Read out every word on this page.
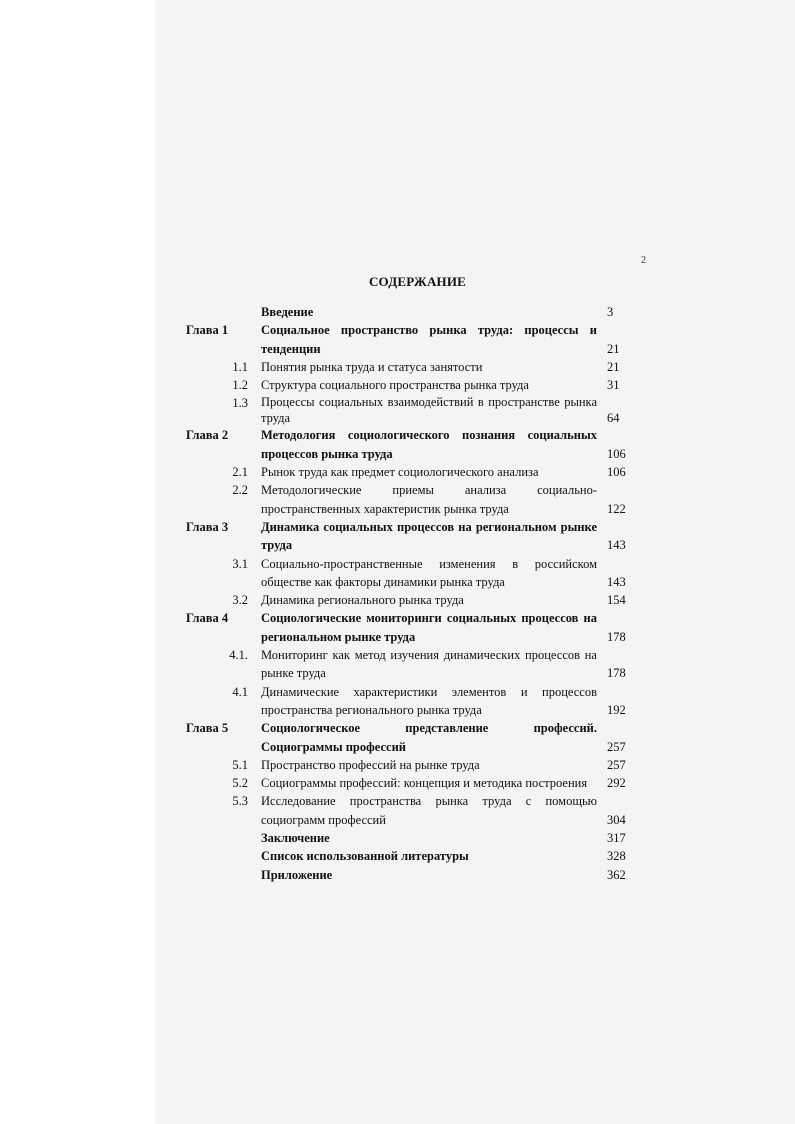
2
СОДЕРЖАНИЕ
Введение	3
Глава 1	Социальное пространство рынка труда: процессы и тенденции	21
1.1 Понятия рынка труда и статуса занятости	21
1.2 Структура социального пространства рынка труда	31
1.3 Процессы социальных взаимодействий в пространстве рынка труда	64
Глава 2	Методология социологического познания социальных процессов рынка труда	106
2.1 Рынок труда как предмет социологического анализа	106
2.2 Методологические приемы анализа социально-пространственных характеристик рынка труда	122
Глава 3	Динамика социальных процессов на региональном рынке труда	143
3.1 Социально-пространственные изменения в российском обществе как факторы динамики рынка труда	143
3.2 Динамика регионального рынка труда	154
Глава 4	Социологические мониторинги социальных процессов на региональном рынке труда	178
4.1. Мониторинг как метод изучения динамических процессов на рынке труда	178
4.1 Динамические характеристики элементов и процессов пространства регионального рынка труда	192
Глава 5	Социологическое представление профессий. Социограммы профессий	257
5.1 Пространство профессий на рынке труда	257
5.2 Социограммы профессий: концепция и методика построения	292
5.3 Исследование пространства рынка труда с помощью социограмм профессий	304
Заключение	317
Список использованной литературы	328
Приложение	362
